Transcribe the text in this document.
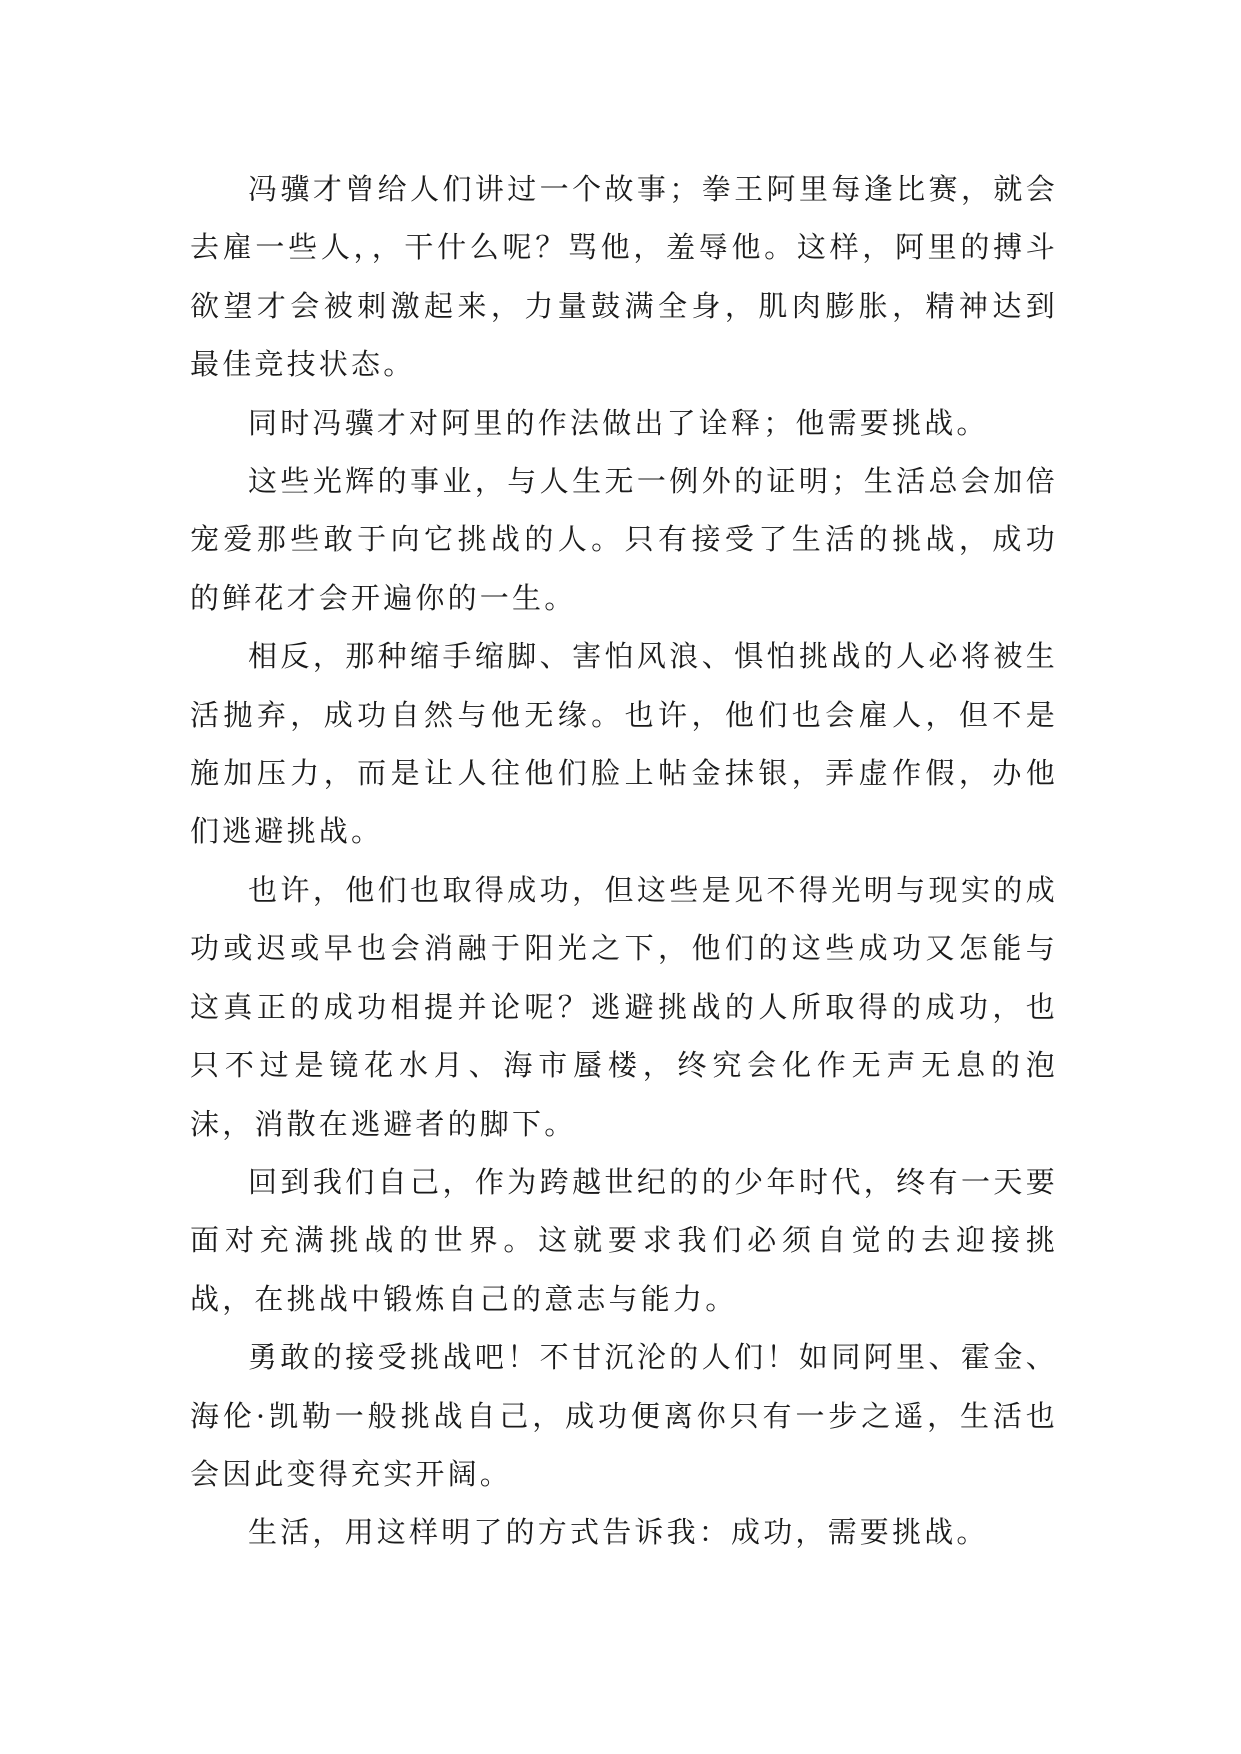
冯骥才曾给人们讲过一个故事；拳王阿里每逢比赛，就会去雇一些人，，干什么呢？骂他，羞辱他。这样，阿里的搏斗欲望才会被刺激起来，力量鼓满全身，肌肉膨胀，精神达到最佳竞技状态。

同时冯骥才对阿里的作法做出了诠释；他需要挑战。

这些光辉的事业，与人生无一例外的证明；生活总会加倍宠爱那些敢于向它挑战的人。只有接受了生活的挑战，成功的鲜花才会开遍你的一生。

相反，那种缩手缩脚、害怕风浪、惧怕挑战的人必将被生活抛弃，成功自然与他无缘。也许，他们也会雇人，但不是施加压力，而是让人往他们脸上帖金抹银，弄虚作假，办他们逃避挑战。

也许，他们也取得成功，但这些是见不得光明与现实的成功或迟或早也会消融于阳光之下，他们的这些成功又怎能与这真正的成功相提并论呢？逃避挑战的人所取得的成功，也只不过是镜花水月、海市蜃楼，终究会化作无声无息的泡沫，消散在逃避者的脚下。

回到我们自己，作为跨越世纪的的少年时代，终有一天要面对充满挑战的世界。这就要求我们必须自觉的去迎接挑战，在挑战中锻炼自己的意志与能力。

勇敢的接受挑战吧！不甘沉沦的人们！如同阿里、霍金、海伦·凯勒一般挑战自己，成功便离你只有一步之遥，生活也会因此变得充实开阔。

生活，用这样明了的方式告诉我：成功，需要挑战。
